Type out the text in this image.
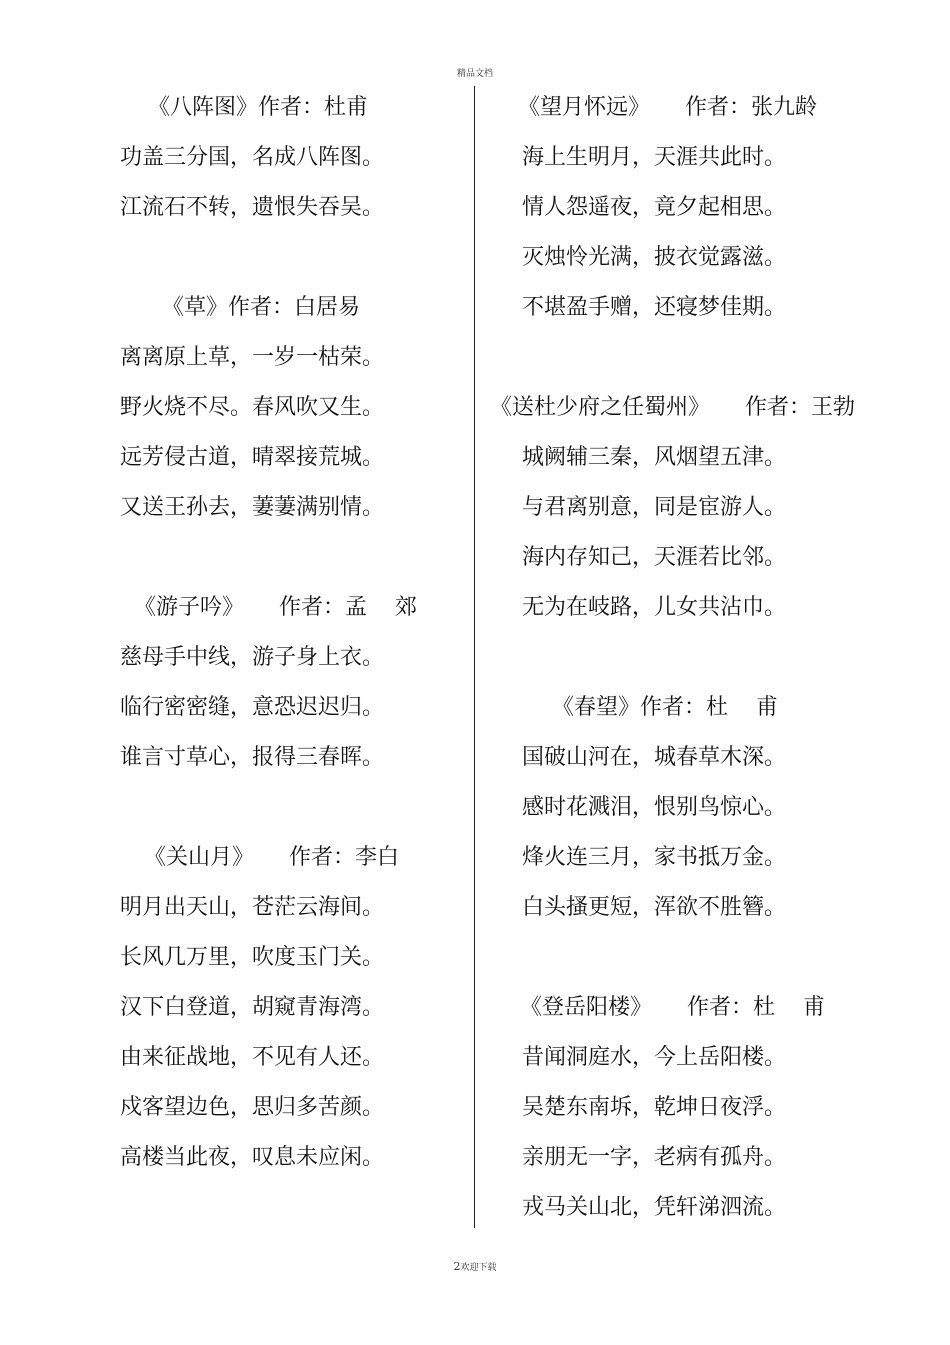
精品文档
《八阵图》作者：杜甫
功盖三分国，名成八阵图。
江流石不转，遗恨失吞吴。
《草》作者：白居易
离离原上草，一岁一枯荣。
野火烧不尽。春风吹又生。
远芳侵古道，晴翠接荒城。
又送王孙去，萋萋满别情。
《游子吟》     作者：孟    郊
慈母手中线，游子身上衣。
临行密密缝，意恐迟迟归。
谁言寸草心，报得三春晖。
《关山月》     作者：李白
明月出天山，苍茫云海间。
长风几万里，吹度玉门关。
汉下白登道，胡窥青海湾。
由来征战地，不见有人还。
戍客望边色，思归多苦颜。
高楼当此夜，叹息未应闲。
《望月怀远》     作者：张九龄
海上生明月，天涯共此时。
情人怨遥夜，竟夕起相思。
灭烛怜光满，披衣觉露滋。
不堪盈手赠，还寝梦佳期。
《送杜少府之任蜀州》     作者：王勃
城阙辅三秦，风烟望五津。
与君离别意，同是宦游人。
海内存知己，天涯若比邻。
无为在岐路，儿女共沾巾。
《春望》作者：杜    甫
国破山河在，城春草木深。
感时花溅泪，恨别鸟惊心。
烽火连三月，家书抵万金。
白头搔更短，浑欲不胜簪。
《登岳阳楼》     作者：杜    甫
昔闻洞庭水，今上岳阳楼。
吴楚东南坼，乾坤日夜浮。
亲朋无一字，老病有孤舟。
戎马关山北，凭轩涕泗流。
2欢迎下载
